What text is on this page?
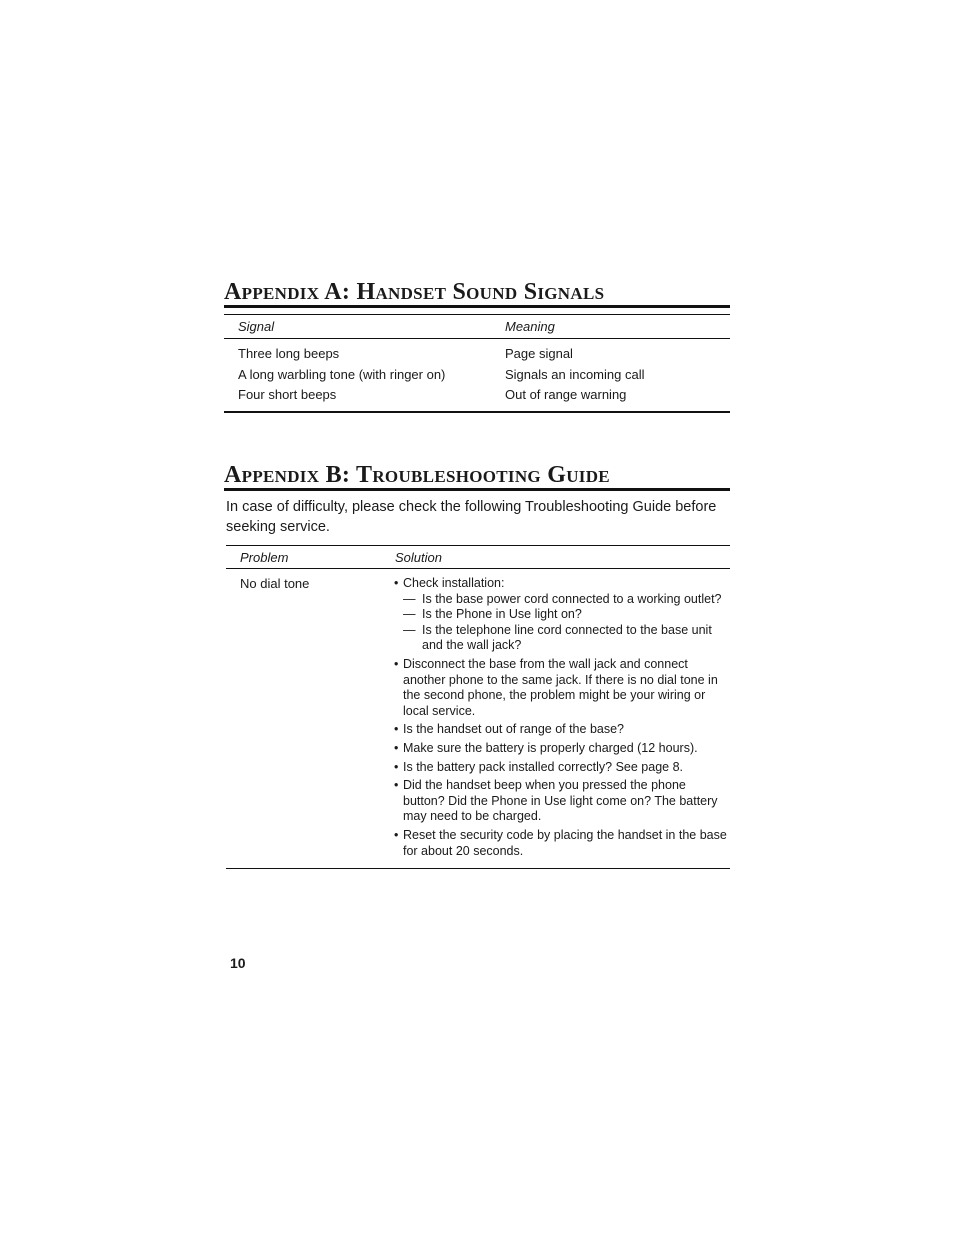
Appendix A: Handset Sound Signals
Signal	Meaning
Three long beeps	Page signal
A long warbling tone (with ringer on)	Signals an incoming call
Four short beeps	Out of range warning
Appendix B: Troubleshooting Guide

In case of difficulty, please check the following Troubleshooting Guide before seeking service.

Problem	Solution
No dial tone	• Check installation:
— Is the base power cord connected to a working outlet?
— Is the Phone in Use light on?
— Is the telephone line cord connected to the base unit and the wall jack?
• Disconnect the base from the wall jack and connect another phone to the same jack. If there is no dial tone in the second phone, the problem might be your wiring or local service.
• Is the handset out of range of the base?
• Make sure the battery is properly charged (12 hours).
• Is the battery pack installed correctly? See page 8.
• Did the handset beep when you pressed the phone button? Did the Phone in Use light come on? The battery may need to be charged.
• Reset the security code by placing the handset in the base for about 20 seconds.
10
